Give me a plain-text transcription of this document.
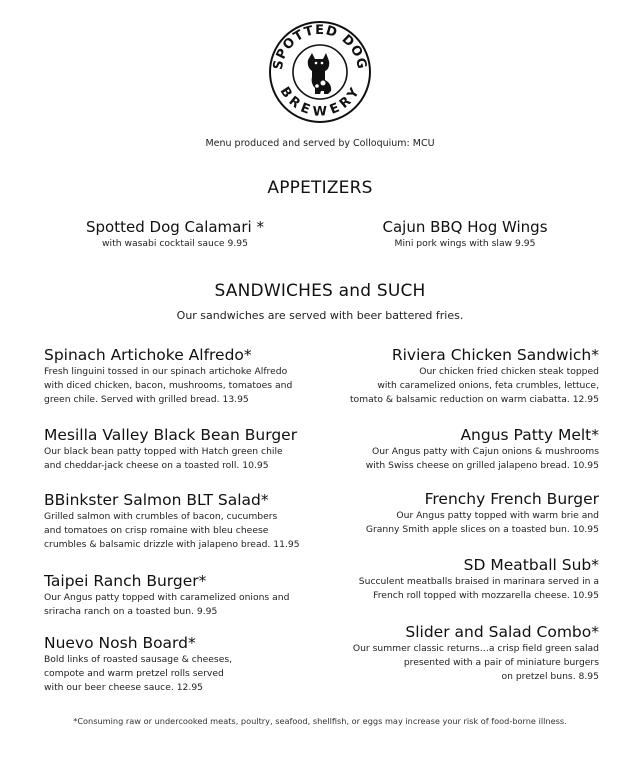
SPOTTED DOG
BREWERY
Menu produced and served by Colloquium: MCU
APPETIZERS
Spotted Dog Calamari *
with wasabi cocktail sauce 9.95
Cajun BBQ Hog Wings
Mini pork wings with slaw 9.95
SANDWICHES and SUCH
Our sandwiches are served with beer battered fries.
Spinach Artichoke Alfredo*
Fresh linguini tossed in our spinach artichoke Alfredo
with diced chicken, bacon, mushrooms, tomatoes and
green chile. Served with grilled bread. 13.95
Mesilla Valley Black Bean Burger
Our black bean patty topped with Hatch green chile
and cheddar-jack cheese on a toasted roll. 10.95
BBinkster Salmon BLT Salad*
Grilled salmon with crumbles of bacon, cucumbers
and tomatoes on crisp romaine with bleu cheese
crumbles & balsamic drizzle with jalapeno bread. 11.95
Taipei Ranch Burger*
Our Angus patty topped with caramelized onions and
sriracha ranch on a toasted bun. 9.95
Nuevo Nosh Board*
Bold links of roasted sausage & cheeses,
compote and warm pretzel rolls served
with our beer cheese sauce. 12.95
Riviera Chicken Sandwich*
Our chicken fried chicken steak topped
with caramelized onions, feta crumbles, lettuce,
tomato & balsamic reduction on warm ciabatta. 12.95
Angus Patty Melt*
Our Angus patty with Cajun onions & mushrooms
with Swiss cheese on grilled jalapeno bread. 10.95
Frenchy French Burger
Our Angus patty topped with warm brie and
Granny Smith apple slices on a toasted bun. 10.95
SD Meatball Sub*
Succulent meatballs braised in marinara served in a
French roll topped with mozzarella cheese. 10.95
Slider and Salad Combo*
Our summer classic returns…a crisp field green salad
presented with a pair of miniature burgers
on pretzel buns. 8.95
*Consuming raw or undercooked meats, poultry, seafood, shellfish, or eggs may increase your risk of food-borne illness.
